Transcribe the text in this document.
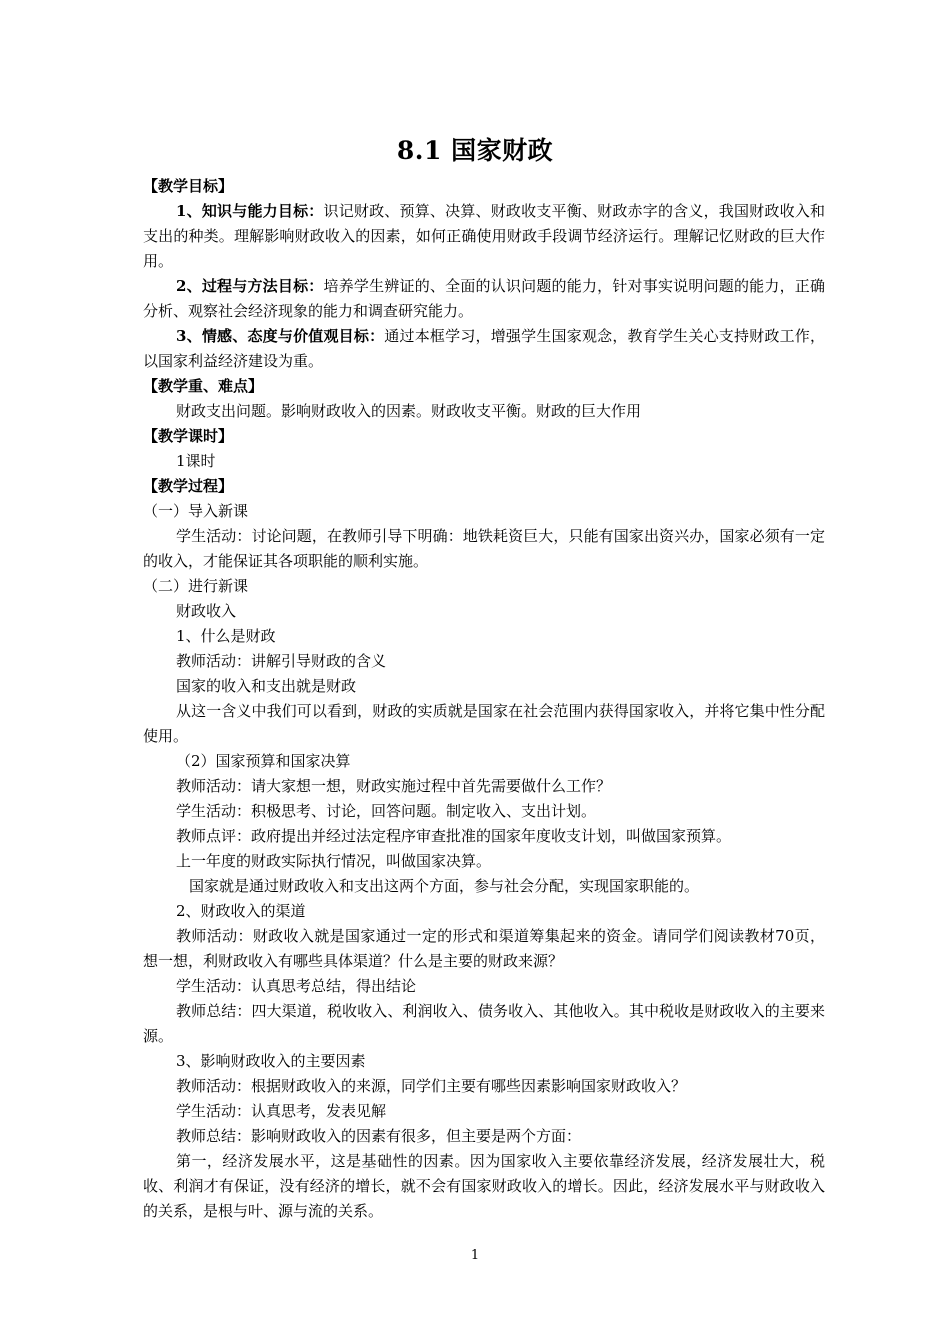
8.1 国家财政

【教学目标】

1、知识与能力目标：识记财政、预算、决算、财政收支平衡、财政赤字的含义，我国财政收入和支出的种类。理解影响财政收入的因素，如何正确使用财政手段调节经济运行。理解记忆财政的巨大作用。

2、过程与方法目标：培养学生辨证的、全面的认识问题的能力，针对事实说明问题的能力，正确分析、观察社会经济现象的能力和调查研究能力。

3、情感、态度与价值观目标：通过本框学习，增强学生国家观念，教育学生关心支持财政工作，以国家利益经济建设为重。

【教学重、难点】

财政支出问题。影响财政收入的因素。财政收支平衡。财政的巨大作用

【教学课时】

1课时

【教学过程】

（一）导入新课

学生活动：讨论问题，在教师引导下明确：地铁耗资巨大，只能有国家出资兴办，国家必须有一定的收入，才能保证其各项职能的顺利实施。

（二）进行新课

财政收入

1、什么是财政

教师活动：讲解引导财政的含义

国家的收入和支出就是财政

从这一含义中我们可以看到，财政的实质就是国家在社会范围内获得国家收入，并将它集中性分配使用。

（2）国家预算和国家决算

教师活动：请大家想一想，财政实施过程中首先需要做什么工作？

学生活动：积极思考、讨论，回答问题。制定收入、支出计划。

教师点评：政府提出并经过法定程序审查批准的国家年度收支计划，叫做国家预算。

上一年度的财政实际执行情况，叫做国家决算。

国家就是通过财政收入和支出这两个方面，参与社会分配，实现国家职能的。

2、财政收入的渠道

教师活动：财政收入就是国家通过一定的形式和渠道筹集起来的资金。请同学们阅读教材70页，想一想，利财政收入有哪些具体渠道？什么是主要的财政来源？

学生活动：认真思考总结，得出结论

教师总结：四大渠道，税收收入、利润收入、债务收入、其他收入。其中税收是财政收入的主要来源。

3、影响财政收入的主要因素

教师活动：根据财政收入的来源，同学们主要有哪些因素影响国家财政收入？

学生活动：认真思考，发表见解

教师总结：影响财政收入的因素有很多，但主要是两个方面：

第一，经济发展水平，这是基础性的因素。因为国家收入主要依靠经济发展，经济发展壮大，税收、利润才有保证，没有经济的增长，就不会有国家财政收入的增长。因此，经济发展水平与财政收入的关系，是根与叶、源与流的关系。

1
